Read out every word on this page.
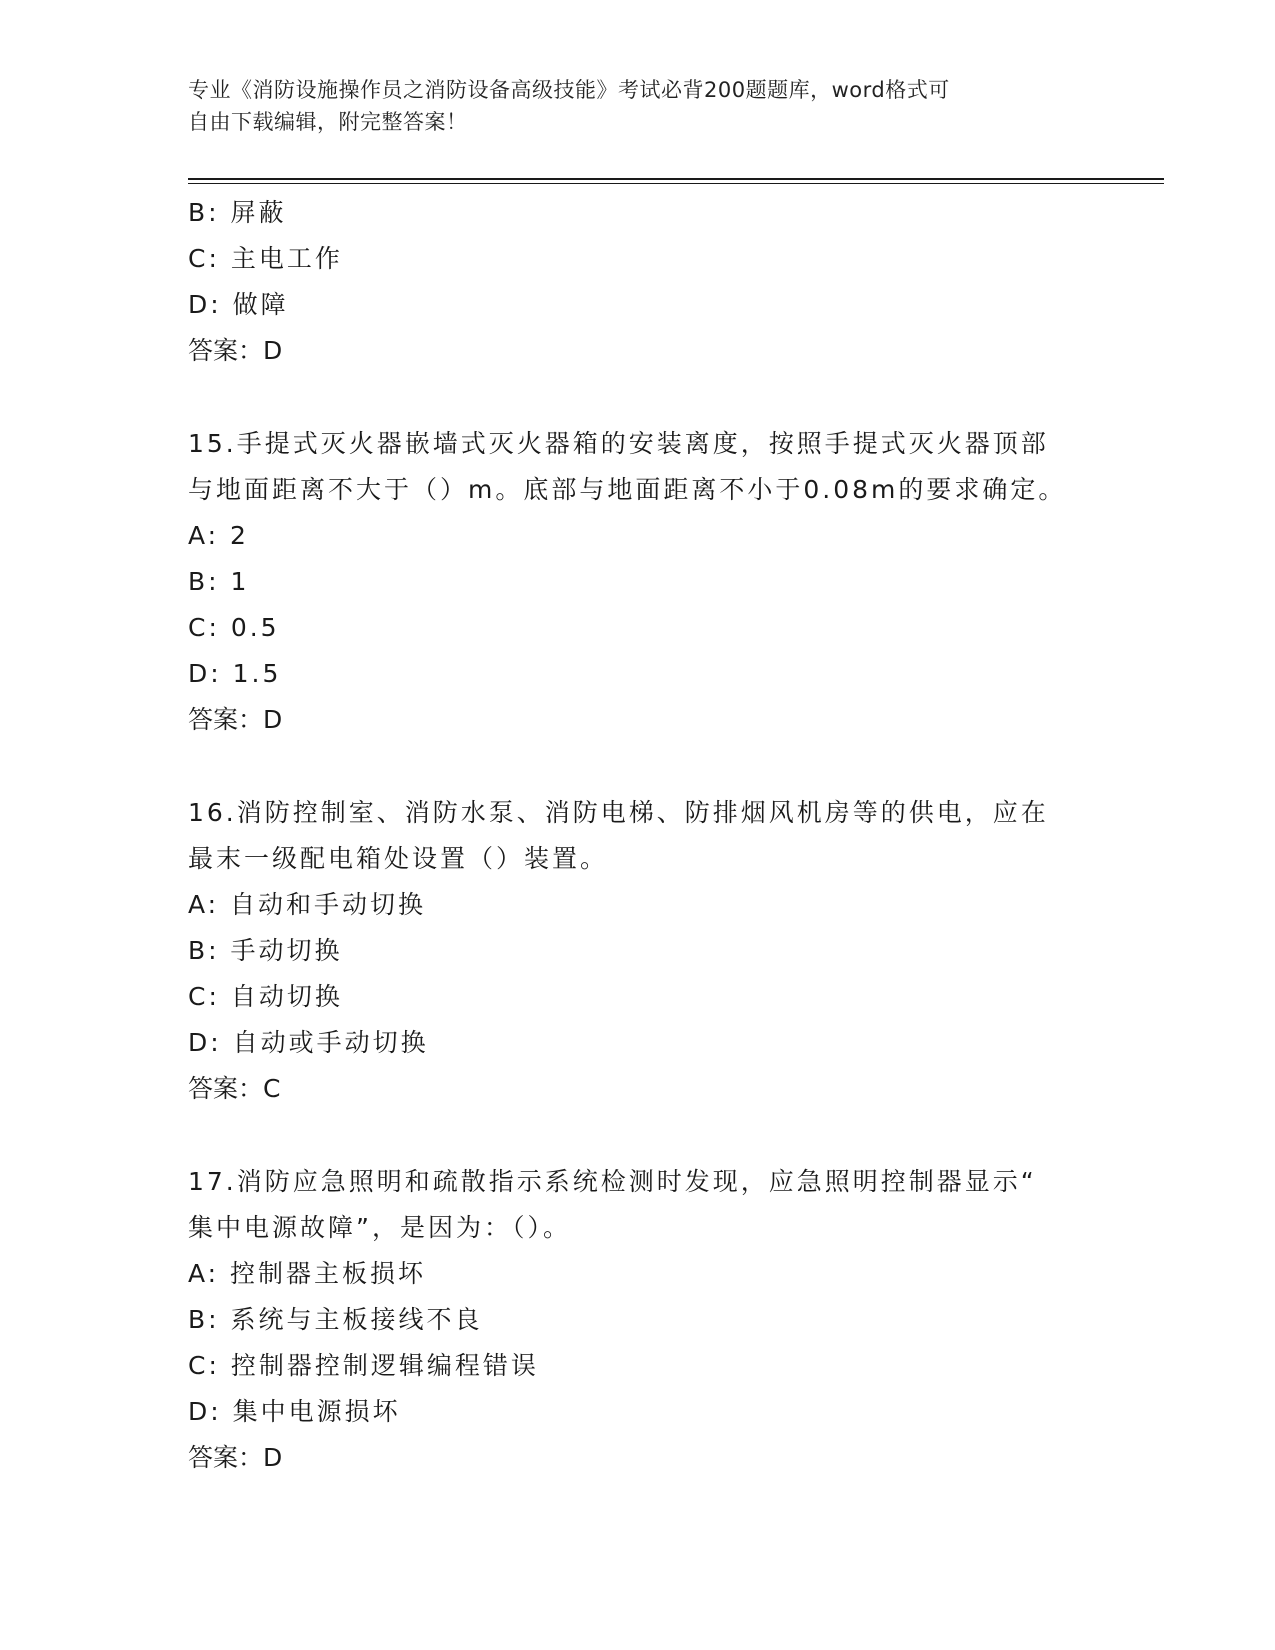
专业《消防设施操作员之消防设备高级技能》考试必背200题题库，word格式可
自由下载编辑，附完整答案！
B: 屏蔽
C: 主电工作
D: 做障
答案：D
15.手提式灭火器嵌墙式灭火器箱的安装离度，按照手提式灭火器顶部
与地面距离不大于（）m。底部与地面距离不小于0.08m的要求确定。
A: 2
B: 1
C: 0.5
D: 1.5
答案：D
16.消防控制室、消防水泵、消防电梯、防排烟风机房等的供电，应在
最末一级配电箱处设置（）装置。
A: 自动和手动切换
B: 手动切换
C: 自动切换
D: 自动或手动切换
答案：C
17.消防应急照明和疏散指示系统检测时发现，应急照明控制器显示“
集中电源故障”，是因为：（）。
A: 控制器主板损坏
B: 系统与主板接线不良
C: 控制器控制逻辑编程错误
D: 集中电源损坏
答案：D
